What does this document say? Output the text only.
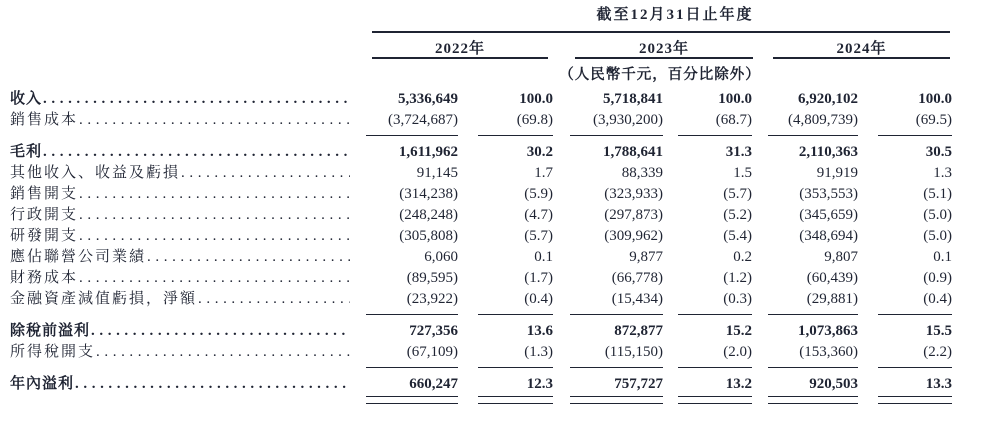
截至12月31日止年度
2022年	2023年	2024年
（人民幣千元，百分比除外）
收入 .....	5,336,649	100.0	5,718,841	100.0	6,920,102	100.0
銷售成本 .....	(3,724,687)	(69.8)	(3,930,200)	(68.7)	(4,809,739)	(69.5)
毛利 .....	1,611,962	30.2	1,788,641	31.3	2,110,363	30.5
其他收入、收益及虧損 .....	91,145	1.7	88,339	1.5	91,919	1.3
銷售開支 .....	(314,238)	(5.9)	(323,933)	(5.7)	(353,553)	(5.1)
行政開支 .....	(248,248)	(4.7)	(297,873)	(5.2)	(345,659)	(5.0)
研發開支 .....	(305,808)	(5.7)	(309,962)	(5.4)	(348,694)	(5.0)
應佔聯營公司業績 .....	6,060	0.1	9,877	0.2	9,807	0.1
財務成本 .....	(89,595)	(1.7)	(66,778)	(1.2)	(60,439)	(0.9)
金融資產減值虧損，淨額 .....	(23,922)	(0.4)	(15,434)	(0.3)	(29,881)	(0.4)
除稅前溢利 .....	727,356	13.6	872,877	15.2	1,073,863	15.5
所得稅開支 .....	(67,109)	(1.3)	(115,150)	(2.0)	(153,360)	(2.2)
年內溢利 .....	660,247	12.3	757,727	13.2	920,503	13.3
